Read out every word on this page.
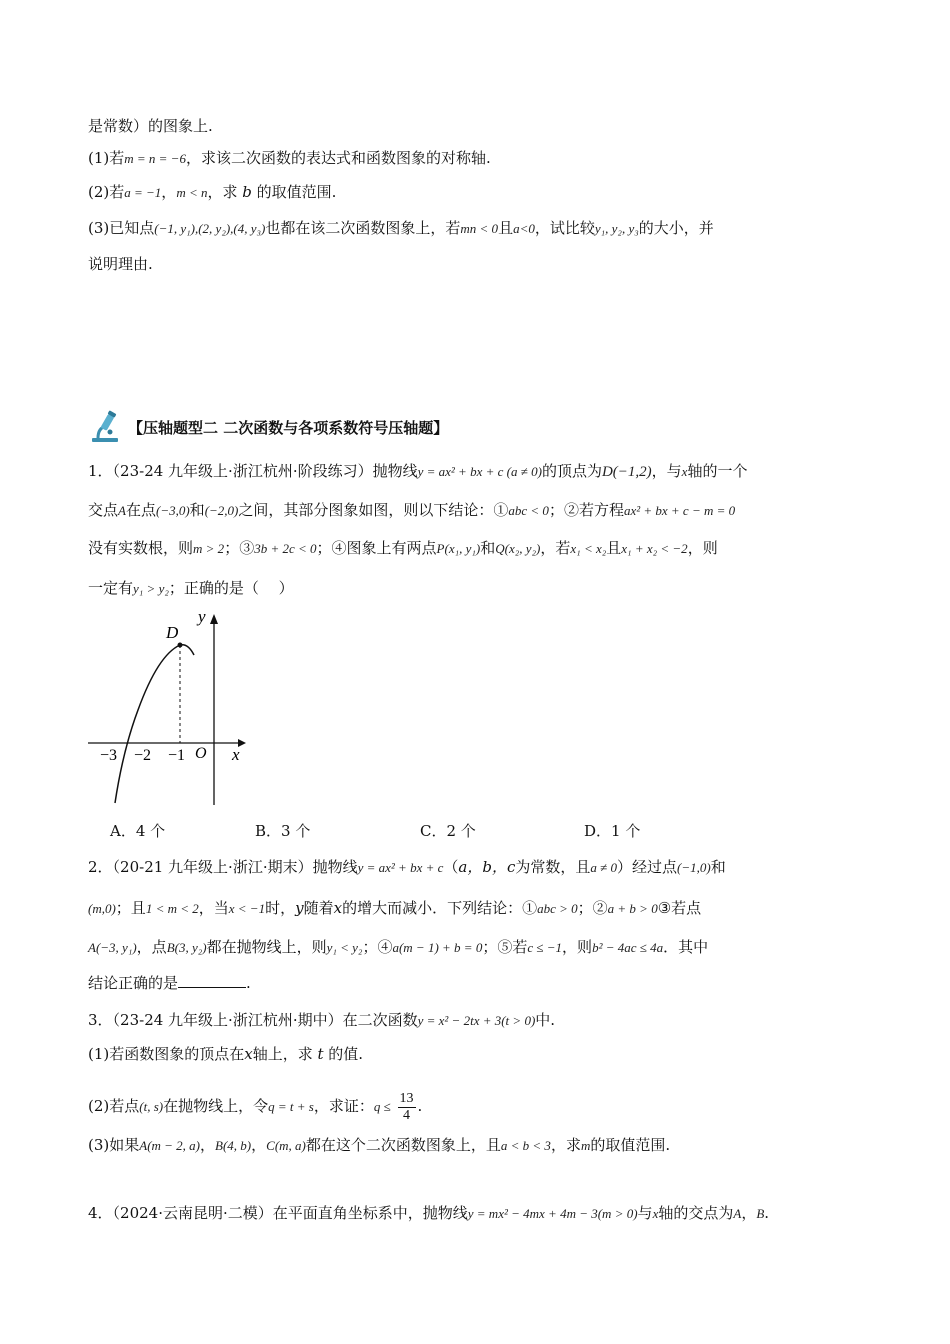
是常数）的图象上.
(1)若m = n = −6，求该二次函数的表达式和函数图象的对称轴.
(2)若a = −1，m < n，求 b 的取值范围.
(3)已知点(−1, y₁),(2, y₂),(4, y₃)也都在该二次函数图象上，若mn < 0且a<0，试比较y₁, y₂, y₃的大小，并
说明理由.
【压轴题型二 二次函数与各项系数符号压轴题】
1．（23-24 九年级上·浙江杭州·阶段练习）抛物线y = ax² + bx + c (a ≠ 0)的顶点为D(−1,2)，与x轴的一个
交点A在点(−3,0)和(−2,0)之间，其部分图象如图，则以下结论：①abc < 0；②若方程ax² + bx + c − m = 0
没有实数根，则m > 2；③3b + 2c < 0；④图象上有两点P(x₁, y₁)和Q(x₂, y₂)，若x₁ < x₂且x₁ + x₂ < −2，则
一定有y₁ > y₂；正确的是（　 ）
y
x
O
D
−3 −2 −1
A．4 个	B．3 个	C．2 个	D．1 个
2．（20-21 九年级上·浙江·期末）抛物线y = ax² + bx + c（a，b，c为常数，且a ≠ 0）经过点(−1,0)和
(m,0)；且1 < m < 2，当x < −1时，y随着x的增大而减小．下列结论：①abc > 0；②a + b > 0③若点
A(−3, y₁)，点B(3, y₂)都在抛物线上，则y₁ < y₂；④a(m − 1) + b = 0；⑤若c ≤ −1，则b² − 4ac ≤ 4a．其中
结论正确的是	.
3．（23-24 九年级上·浙江杭州·期中）在二次函数y = x² − 2tx + 3(t > 0)中.
(1)若函数图象的顶点在x轴上，求 t 的值.
(2)若点(t, s)在抛物线上，令q = t + s，求证：$q \le \frac{13}{4}$ .
(3)如果A(m − 2, a)，B(4, b)，C(m, a)都在这个二次函数图象上，且a < b < 3，求m的取值范围.
4．（2024·云南昆明·二模）在平面直角坐标系中，抛物线y = mx² − 4mx + 4m − 3(m > 0)与x轴的交点为A，B.
